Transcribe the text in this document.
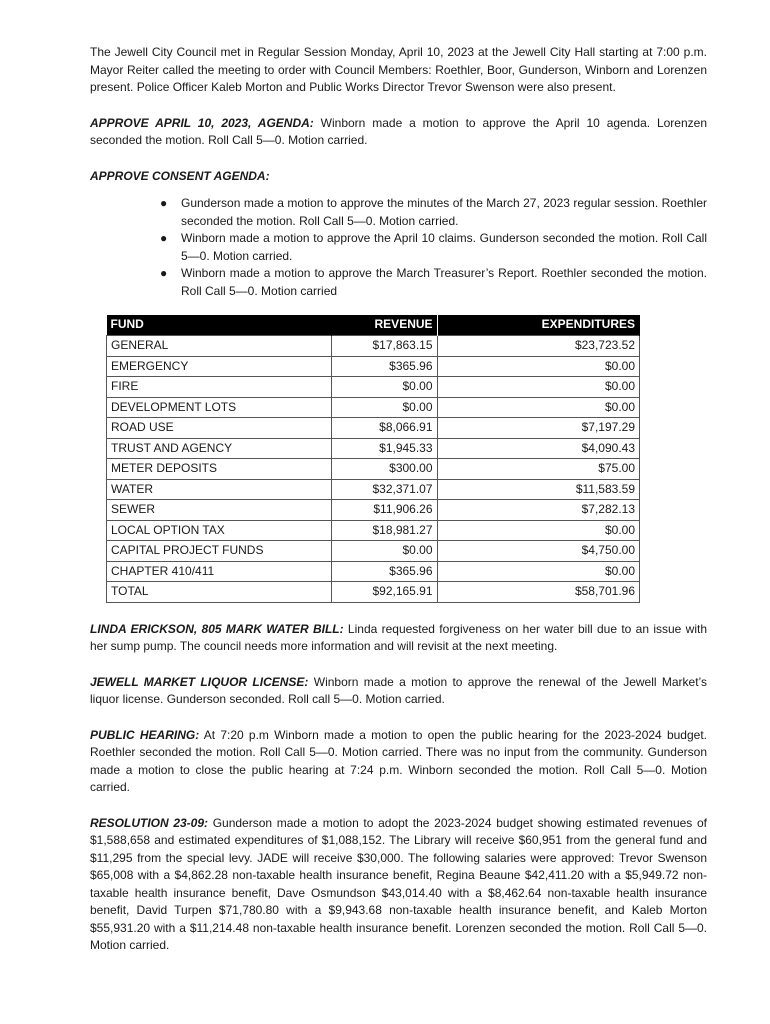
The Jewell City Council met in Regular Session Monday, April 10, 2023 at the Jewell City Hall starting at 7:00 p.m. Mayor Reiter called the meeting to order with Council Members: Roethler, Boor, Gunderson, Winborn and Lorenzen present. Police Officer Kaleb Morton and Public Works Director Trevor Swenson were also present.

APPROVE APRIL 10, 2023, AGENDA: Winborn made a motion to approve the April 10 agenda. Lorenzen seconded the motion. Roll Call 5—0. Motion carried.

APPROVE CONSENT AGENDA:

● Gunderson made a motion to approve the minutes of the March 27, 2023 regular session. Roethler seconded the motion. Roll Call 5—0. Motion carried.
● Winborn made a motion to approve the April 10 claims. Gunderson seconded the motion. Roll Call 5—0. Motion carried.
● Winborn made a motion to approve the March Treasurer’s Report. Roethler seconded the motion. Roll Call 5—0. Motion carried
FUND	REVENUE	EXPENDITURES
GENERAL	$17,863.15	$23,723.52
EMERGENCY	$365.96	$0.00
FIRE	$0.00	$0.00
DEVELOPMENT LOTS	$0.00	$0.00
ROAD USE	$8,066.91	$7,197.29
TRUST AND AGENCY	$1,945.33	$4,090.43
METER DEPOSITS	$300.00	$75.00
WATER	$32,371.07	$11,583.59
SEWER	$11,906.26	$7,282.13
LOCAL OPTION TAX	$18,981.27	$0.00
CAPITAL PROJECT FUNDS	$0.00	$4,750.00
CHAPTER 410/411	$365.96	$0.00
TOTAL	$92,165.91	$58,701.96

LINDA ERICKSON, 805 MARK WATER BILL: Linda requested forgiveness on her water bill due to an issue with her sump pump. The council needs more information and will revisit at the next meeting.

JEWELL MARKET LIQUOR LICENSE: Winborn made a motion to approve the renewal of the Jewell Market’s liquor license. Gunderson seconded. Roll call 5—0. Motion carried.

PUBLIC HEARING: At 7:20 p.m Winborn made a motion to open the public hearing for the 2023-2024 budget. Roethler seconded the motion. Roll Call 5—0. Motion carried. There was no input from the community. Gunderson made a motion to close the public hearing at 7:24 p.m. Winborn seconded the motion. Roll Call 5—0. Motion carried.

RESOLUTION 23-09: Gunderson made a motion to adopt the 2023-2024 budget showing estimated revenues of $1,588,658 and estimated expenditures of $1,088,152. The Library will receive $60,951 from the general fund and $11,295 from the special levy. JADE will receive $30,000. The following salaries were approved: Trevor Swenson $65,008 with a $4,862.28 non-taxable health insurance benefit, Regina Beaune $42,411.20 with a $5,949.72 non-taxable health insurance benefit, Dave Osmundson $43,014.40 with a $8,462.64 non-taxable health insurance benefit, David Turpen $71,780.80 with a $9,943.68 non-taxable health insurance benefit, and Kaleb Morton $55,931.20 with a $11,214.48 non-taxable health insurance benefit. Lorenzen seconded the motion. Roll Call 5—0. Motion carried.
